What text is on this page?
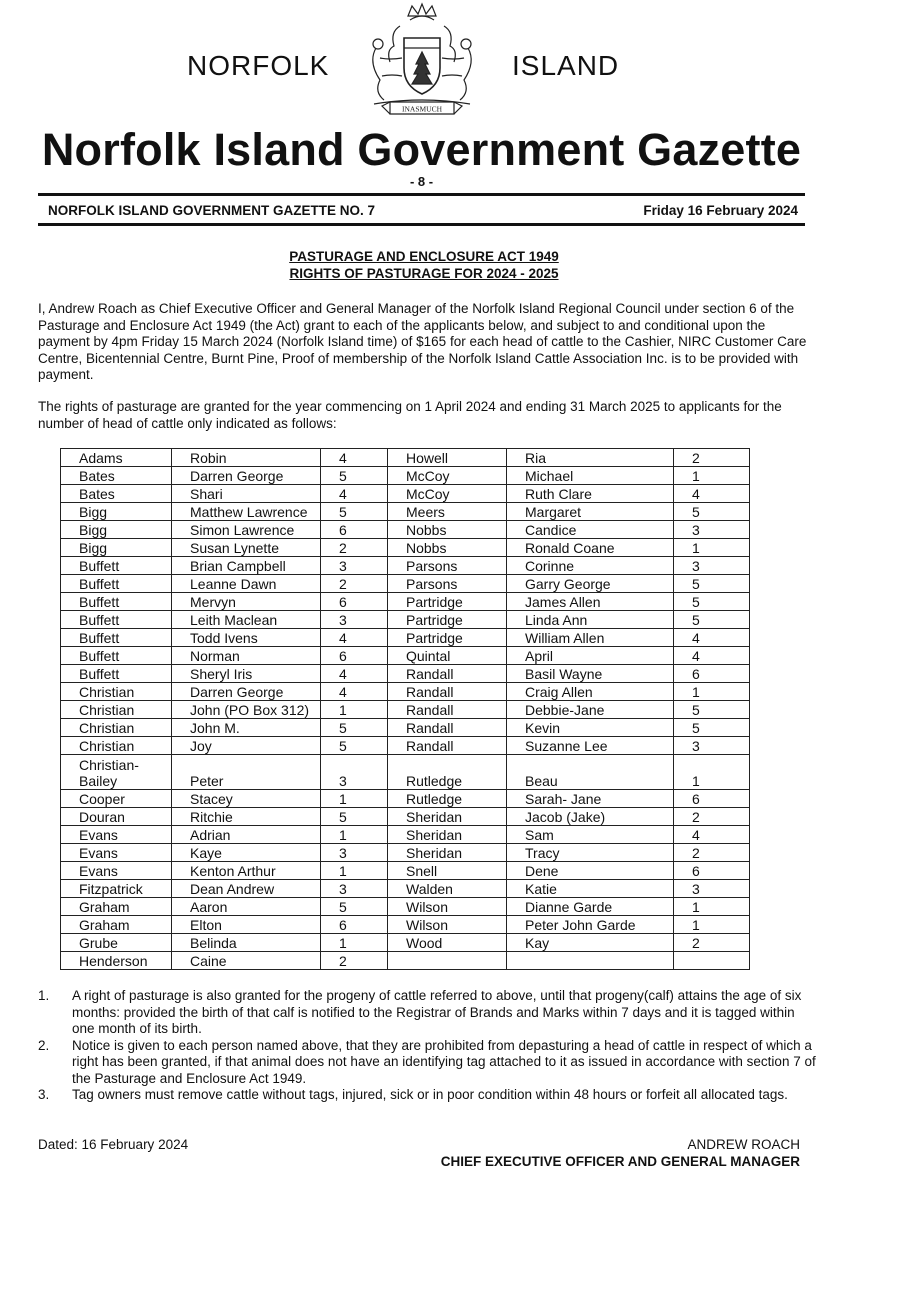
NORFOLK	ISLAND
INASMUCH
Norfolk Island Government Gazette
- 8 -
NORFOLK ISLAND GOVERNMENT GAZETTE NO. 7	Friday 16 February 2024
PASTURAGE AND ENCLOSURE ACT 1949
RIGHTS OF PASTURAGE FOR 2024 - 2025
I, Andrew Roach as Chief Executive Officer and General Manager of the Norfolk Island Regional Council under section 6 of the Pasturage and Enclosure Act 1949 (the Act) grant to each of the applicants below, and subject to and conditional upon the payment by 4pm Friday 15 March 2024 (Norfolk Island time) of $165 for each head of cattle to the Cashier, NIRC Customer Care Centre, Bicentennial Centre, Burnt Pine, Proof of membership of the Norfolk Island Cattle Association Inc. is to be provided with payment.
The rights of pasturage are granted for the year commencing on 1 April 2024 and ending 31 March 2025 to applicants for the number of head of cattle only indicated as follows:
Adams	Robin	4	Howell	Ria	2
Bates	Darren George	5	McCoy	Michael	1
Bates	Shari	4	McCoy	Ruth Clare	4
Bigg	Matthew Lawrence	5	Meers	Margaret	5
Bigg	Simon Lawrence	6	Nobbs	Candice	3
Bigg	Susan Lynette	2	Nobbs	Ronald Coane	1
Buffett	Brian Campbell	3	Parsons	Corinne	3
Buffett	Leanne Dawn	2	Parsons	Garry George	5
Buffett	Mervyn	6	Partridge	James Allen	5
Buffett	Leith Maclean	3	Partridge	Linda Ann	5
Buffett	Todd Ivens	4	Partridge	William Allen	4
Buffett	Norman	6	Quintal	April	4
Buffett	Sheryl Iris	4	Randall	Basil Wayne	6
Christian	Darren George	4	Randall	Craig Allen	1
Christian	John (PO Box 312)	1	Randall	Debbie-Jane	5
Christian	John M.	5	Randall	Kevin	5
Christian	Joy	5	Randall	Suzanne Lee	3
Christian-
Bailey	Peter	3	Rutledge	Beau	1
Cooper	Stacey	1	Rutledge	Sarah- Jane	6
Douran	Ritchie	5	Sheridan	Jacob (Jake)	2
Evans	Adrian	1	Sheridan	Sam	4
Evans	Kaye	3	Sheridan	Tracy	2
Evans	Kenton Arthur	1	Snell	Dene	6
Fitzpatrick	Dean Andrew	3	Walden	Katie	3
Graham	Aaron	5	Wilson	Dianne Garde	1
Graham	Elton	6	Wilson	Peter John Garde	1
Grube	Belinda	1	Wood	Kay	2
Henderson	Caine	2			
1. A right of pasturage is also granted for the progeny of cattle referred to above, until that progeny(calf) attains the age of six months: provided the birth of that calf is notified to the Registrar of Brands and Marks within 7 days and it is tagged within one month of its birth.
2. Notice is given to each person named above, that they are prohibited from depasturing a head of cattle in respect of which a right has been granted, if that animal does not have an identifying tag attached to it as issued in accordance with section 7 of the Pasturage and Enclosure Act 1949.
3. Tag owners must remove cattle without tags, injured, sick or in poor condition within 48 hours or forfeit all allocated tags.
Dated: 16 February 2024	ANDREW ROACH
CHIEF EXECUTIVE OFFICER AND GENERAL MANAGER
